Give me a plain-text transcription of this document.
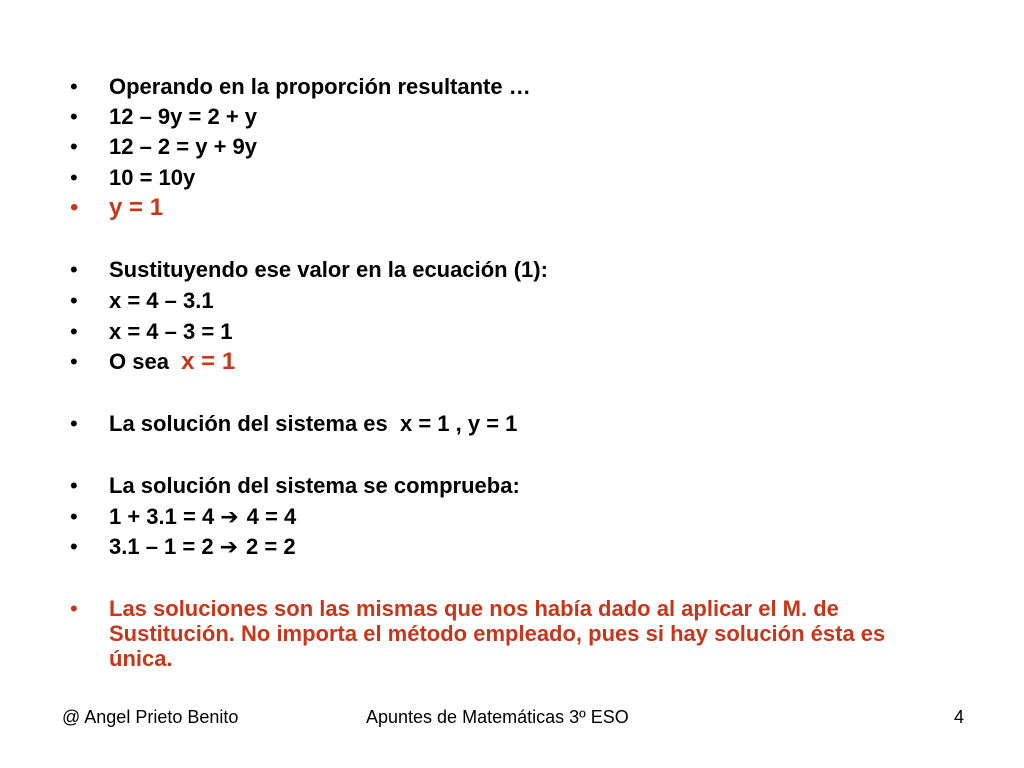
•	Operando en la proporción resultante …
•	12 – 9y = 2 + y
•	12 – 2 = y + 9y
•	10 = 10y
•	y = 1
•	Sustituyendo ese valor en la ecuación (1):
•	x = 4 – 3.1
•	x = 4 – 3 = 1
•	O sea  x = 1
•	La solución del sistema es  x = 1 , y = 1
•	La solución del sistema se comprueba:
•	1 + 3.1 = 4 ➔ 4 = 4
•	3.1 – 1 = 2 ➔ 2 = 2
•	Las soluciones son las mismas que nos había dado al aplicar el M. de Sustitución. No importa el método empleado, pues si hay solución ésta es única.
@ Angel Prieto Benito	Apuntes de Matemáticas 3º ESO	4
